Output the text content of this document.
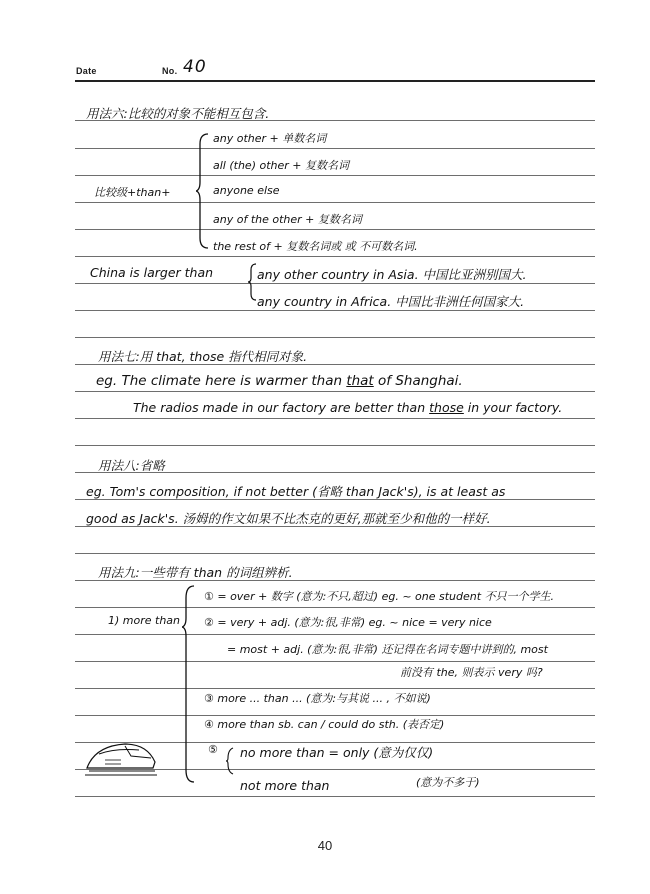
Date	No. 40
用法六:比较的对象不能相互包含.
比较级+than+
any other + 单数名词
all (the) other + 复数名词
anyone else
any of the other + 复数名词
the rest of + 复数名词或 或 不可数名词.
China is larger than	any other country in Asia. 中国比亚洲别国大.
any country in Africa. 中国比非洲任何国家大.
用法七:用 that, those 指代相同对象.
eg. The climate here is warmer than that of Shanghai.
The radios made in our factory are better than those in your factory.
用法八:省略
eg. Tom's composition, if not better (省略 than Jack's), is at least as
good as Jack's. 汤姆的作文如果不比杰克的更好,那就至少和他的一样好.
用法九:一些带有 than 的词组辨析.
1) more than
① = over + 数字 (意为:不只,超过) eg. ~ one student 不只一个学生.
② = very + adj. (意为:很,非常) eg. ~ nice = very nice
= most + adj. (意为:很,非常) 还记得在名词专题中讲到的, most
前没有 the, 则表示 very 吗?
③ more ... than ... (意为:与其说 ... , 不如说)
④ more than sb. can / could do sth. (表否定)
⑤ no more than = only (意为仅仅)
not more than	(意为不多于)
40
